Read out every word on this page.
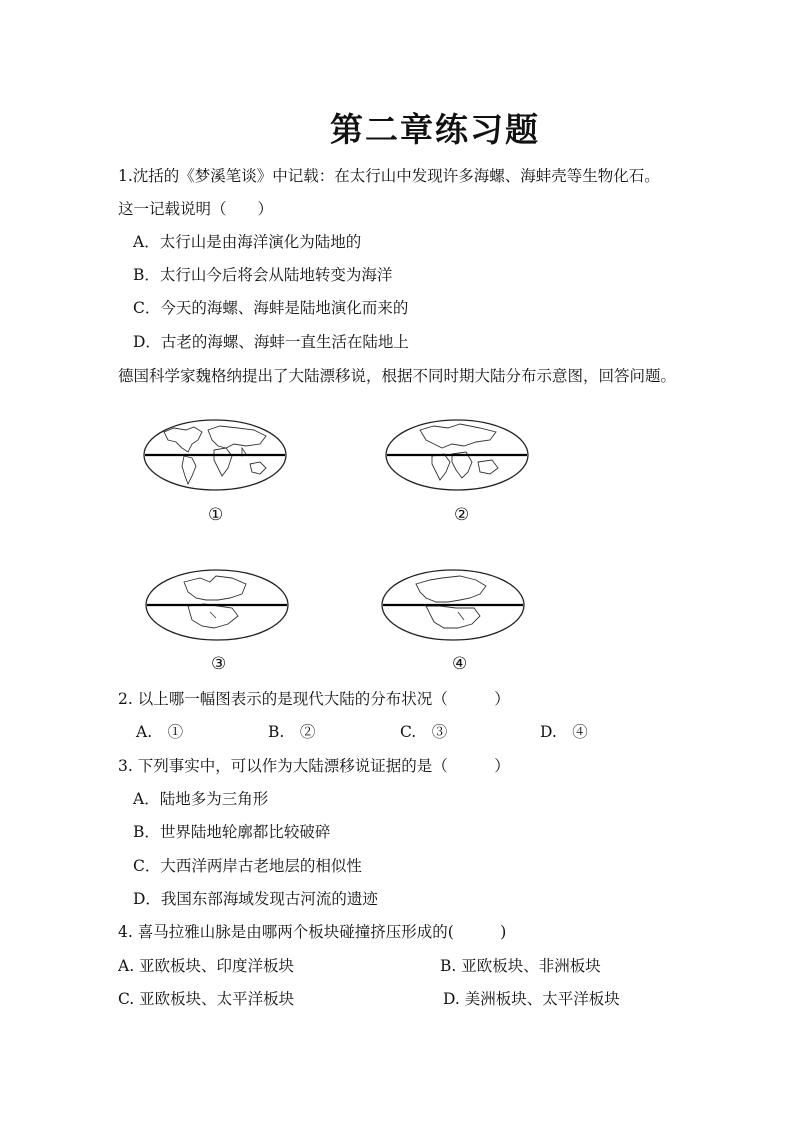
第二章练习题
1.沈括的《梦溪笔谈》中记载：在太行山中发现许多海螺、海蚌壳等生物化石。
这一记载说明（　　）
A．太行山是由海洋演化为陆地的
B．太行山今后将会从陆地转变为海洋
C．今天的海螺、海蚌是陆地演化而来的
D．古老的海螺、海蚌一直生活在陆地上
德国科学家魏格纳提出了大陆漂移说，根据不同时期大陆分布示意图，回答问题。
①	②
③	④
2. 以上哪一幅图表示的是现代大陆的分布状况（　　　）
A.　①	B.　②	C.　③	D.　④
3. 下列事实中，可以作为大陆漂移说证据的是（　　　）
A．陆地多为三角形
B．世界陆地轮廓都比较破碎
C．大西洋两岸古老地层的相似性
D．我国东部海域发现古河流的遗迹
4. 喜马拉雅山脉是由哪两个板块碰撞挤压形成的(　　　)
A. 亚欧板块、印度洋板块	B. 亚欧板块、非洲板块
C. 亚欧板块、太平洋板块	D. 美洲板块、太平洋板块
